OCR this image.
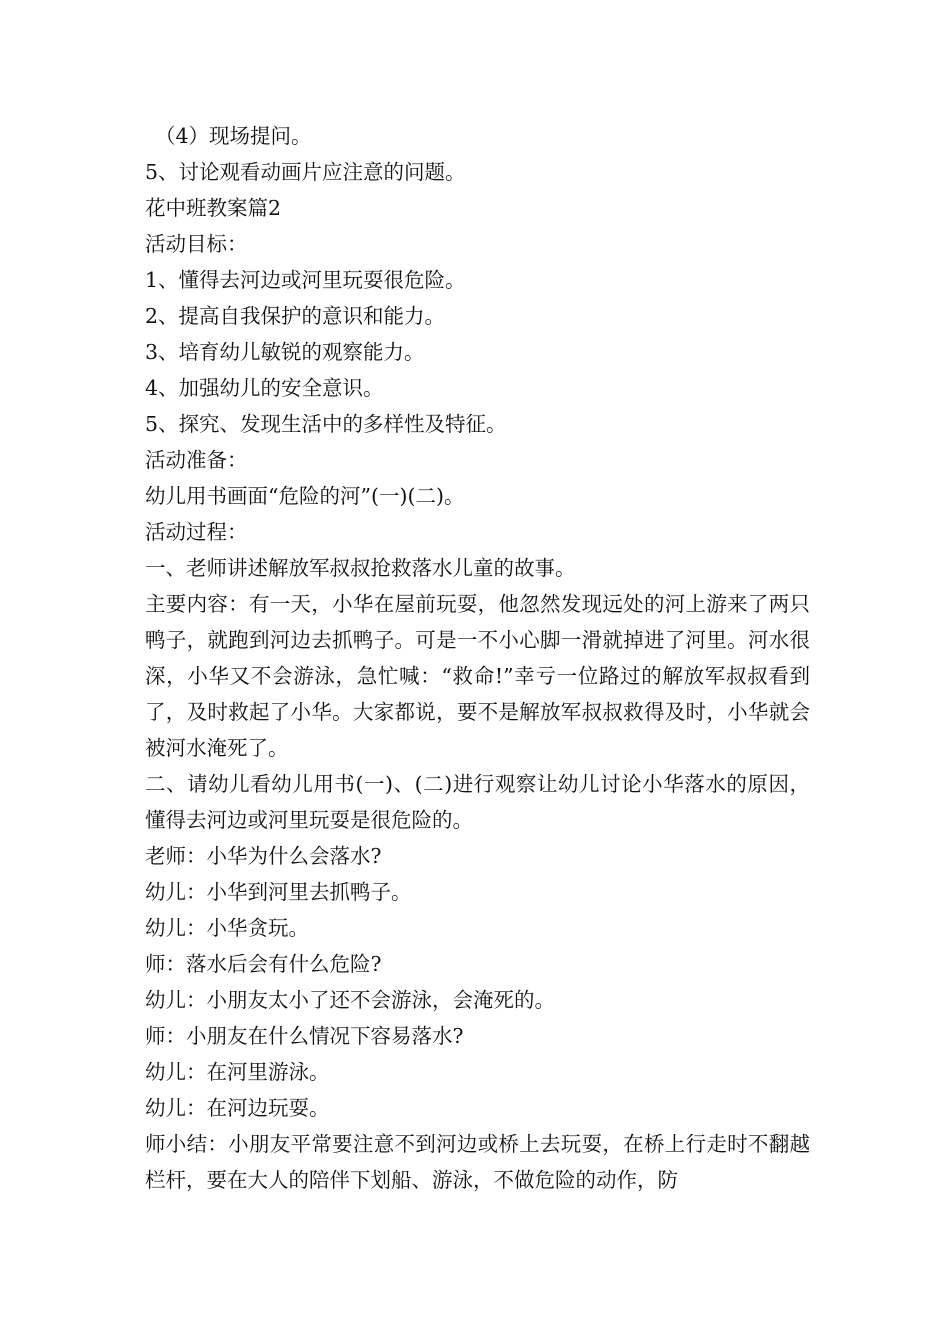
（4）现场提问。

5、讨论观看动画片应注意的问题。

花中班教案篇2

活动目标：

1、懂得去河边或河里玩耍很危险。

2、提高自我保护的意识和能力。

3、培育幼儿敏锐的观察能力。

4、加强幼儿的安全意识。

5、探究、发现生活中的多样性及特征。

活动准备：

幼儿用书画面“危险的河”(一)(二)。

活动过程：

一、老师讲述解放军叔叔抢救落水儿童的故事。

主要内容：有一天，小华在屋前玩耍，他忽然发现远处的河上游来了两只鸭子，就跑到河边去抓鸭子。可是一不小心脚一滑就掉进了河里。河水很深，小华又不会游泳，急忙喊：“救命!”幸亏一位路过的解放军叔叔看到了，及时救起了小华。大家都说，要不是解放军叔叔救得及时，小华就会被河水淹死了。

二、请幼儿看幼儿用书(一)、(二)进行观察让幼儿讨论小华落水的原因，懂得去河边或河里玩耍是很危险的。

老师：小华为什么会落水?

幼儿：小华到河里去抓鸭子。

幼儿：小华贪玩。

师：落水后会有什么危险?

幼儿：小朋友太小了还不会游泳，会淹死的。

师：小朋友在什么情况下容易落水?

幼儿：在河里游泳。

幼儿：在河边玩耍。

师小结：小朋友平常要注意不到河边或桥上去玩耍，在桥上行走时不翻越栏杆，要在大人的陪伴下划船、游泳，不做危险的动作，防
